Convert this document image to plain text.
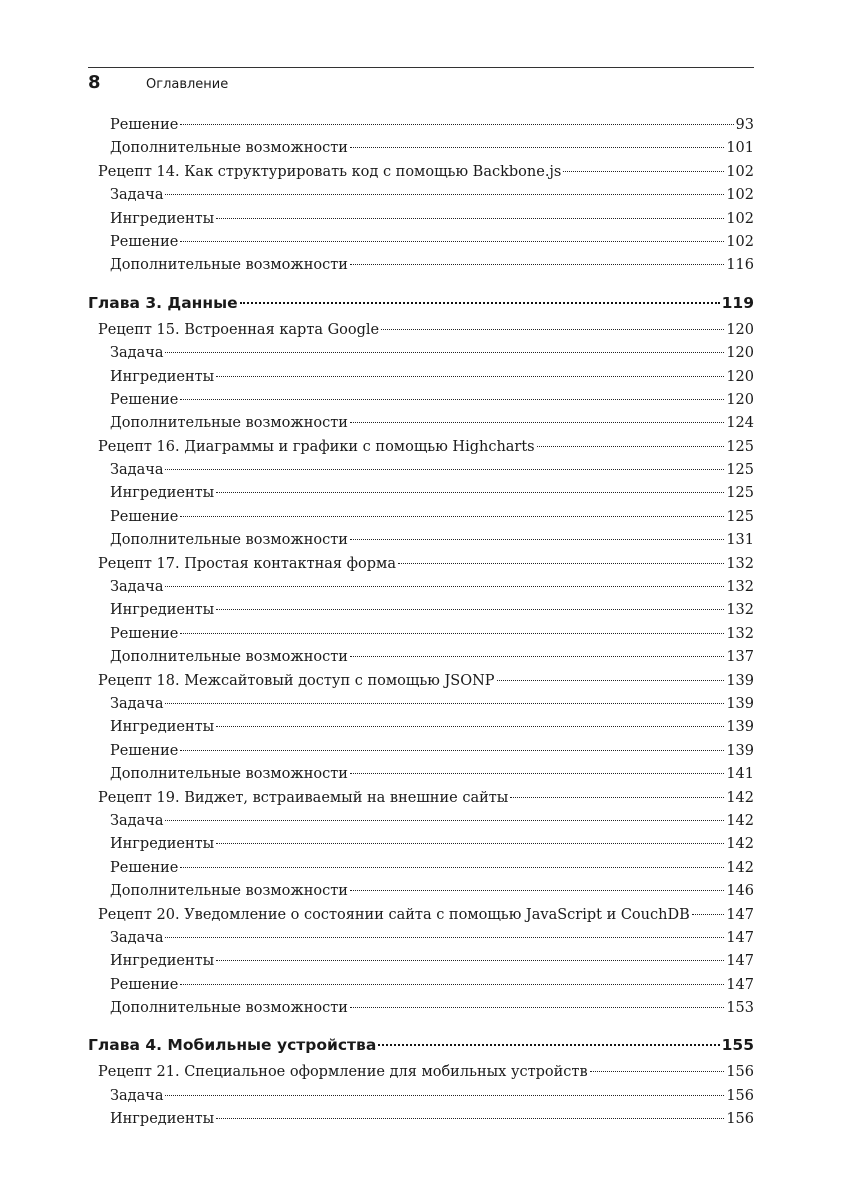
8	Оглавление
Решение	93
Дополнительные возможности	101
Рецепт 14. Как структурировать код с помощью Backbone.js	102
Задача	102
Ингредиенты	102
Решение	102
Дополнительные возможности	116
Глава 3. Данные	119
Рецепт 15. Встроенная карта Google	120
Задача	120
Ингредиенты	120
Решение	120
Дополнительные возможности	124
Рецепт 16. Диаграммы и графики с помощью Highcharts	125
Задача	125
Ингредиенты	125
Решение	125
Дополнительные возможности	131
Рецепт 17. Простая контактная форма	132
Задача	132
Ингредиенты	132
Решение	132
Дополнительные возможности	137
Рецепт 18. Межсайтовый доступ с помощью JSONP	139
Задача	139
Ингредиенты	139
Решение	139
Дополнительные возможности	141
Рецепт 19. Виджет, встраиваемый на внешние сайты	142
Задача	142
Ингредиенты	142
Решение	142
Дополнительные возможности	146
Рецепт 20. Уведомление о состоянии сайта с помощью JavaScript и CouchDB	147
Задача	147
Ингредиенты	147
Решение	147
Дополнительные возможности	153
Глава 4. Мобильные устройства	155
Рецепт 21. Специальное оформление для мобильных устройств	156
Задача	156
Ингредиенты	156
